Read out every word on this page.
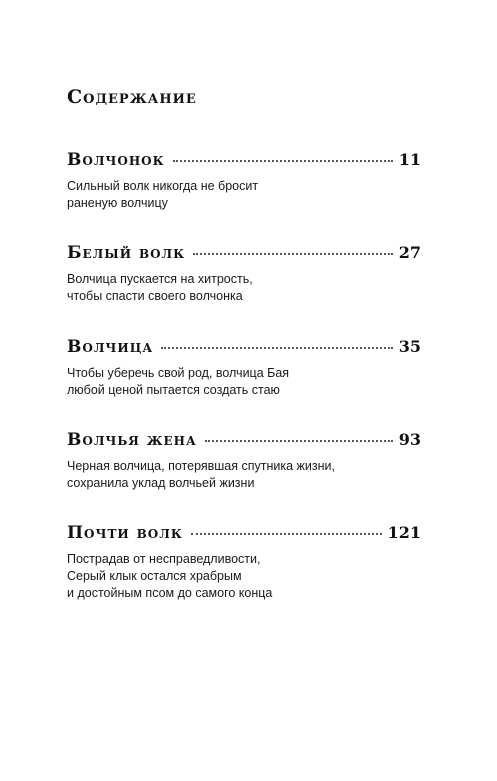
Содержание
Волчонок	11
Сильный волк никогда не бросит
раненую волчицу
Белый волк	27
Волчица пускается на хитрость,
чтобы спасти своего волчонка
Волчица	35
Чтобы уберечь свой род, волчица Бая
любой ценой пытается создать стаю
Волчья жена	93
Черная волчица, потерявшая спутника жизни,
сохранила уклад волчьей жизни
Почти волк	121
Пострадав от несправедливости,
Серый клык остался храбрым
и достойным псом до самого конца
